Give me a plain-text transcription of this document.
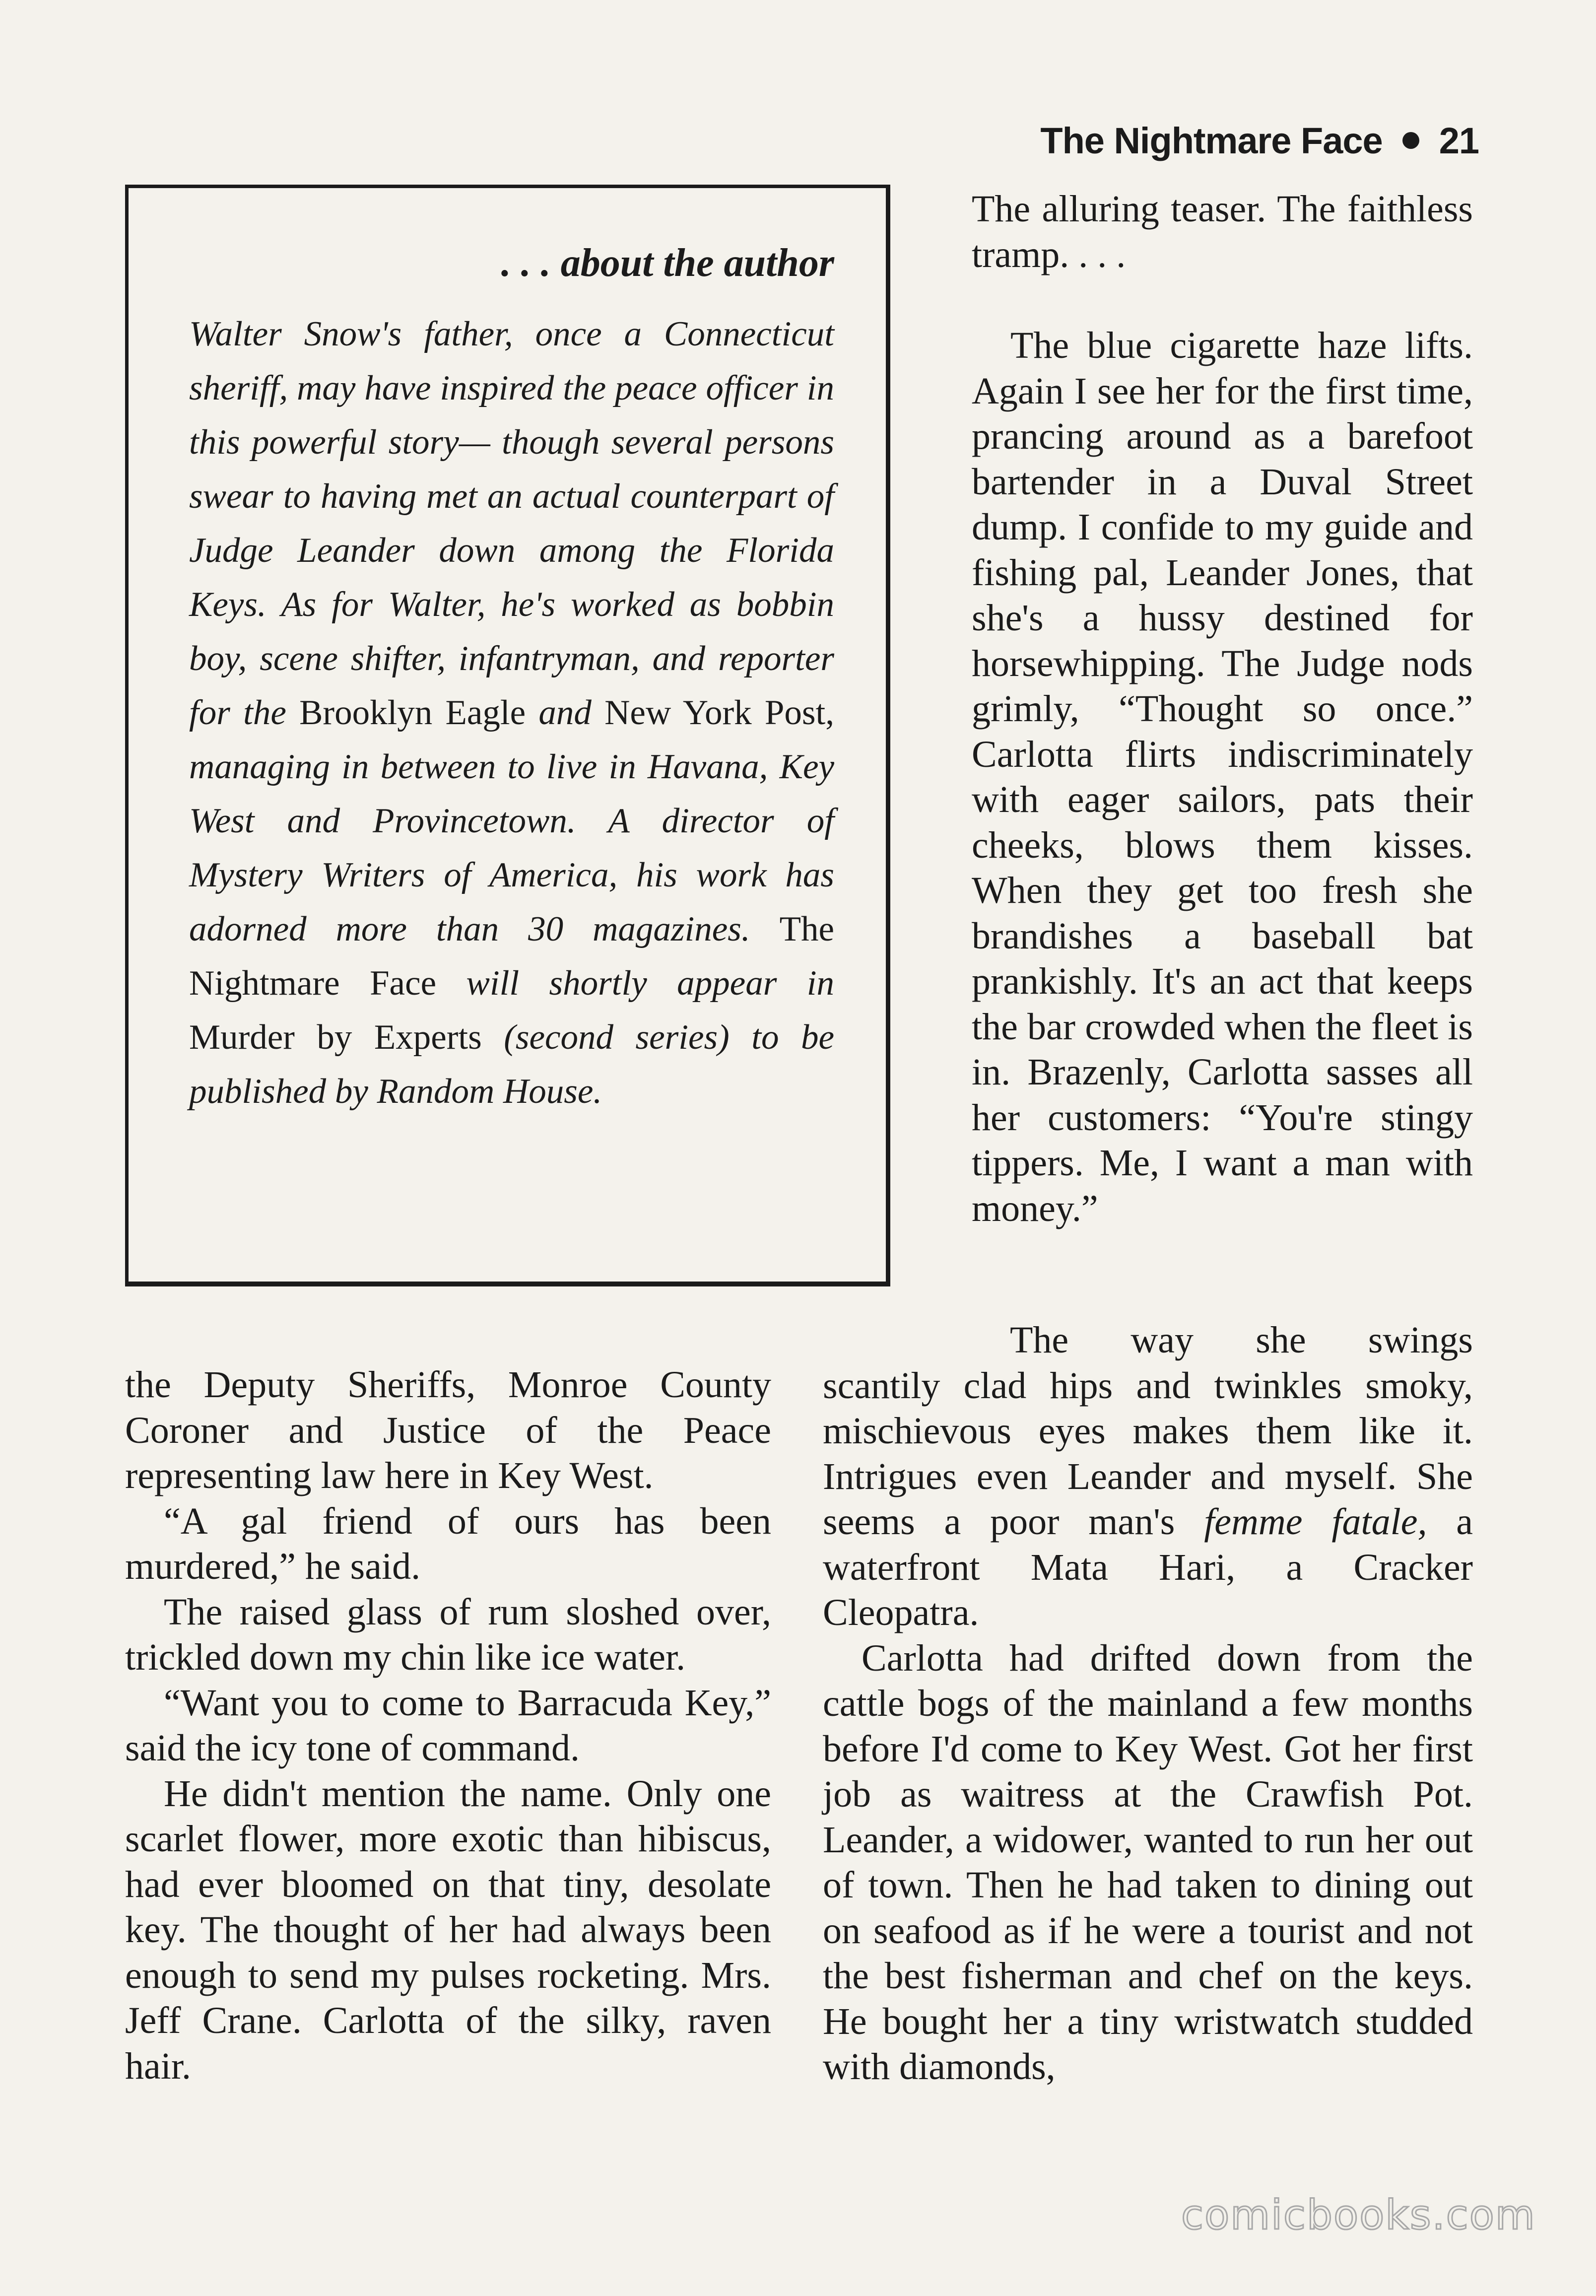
The Nightmare Face 21
. . . about the author

Walter Snow's father, once a Connecticut sheriff, may have inspired the peace officer in this powerful story— though several persons swear to having met an actual counterpart of Judge Leander down among the Florida Keys. As for Walter, he's worked as bobbin boy, scene shifter, infantryman, and reporter for the Brooklyn Eagle and New York Post, managing in between to live in Havana, Key West and Provincetown. A director of Mystery Writers of America, his work has adorned more than 30 magazines. The Nightmare Face will shortly appear in Murder by Experts (second series) to be published by Random House.

The alluring teaser. The faithless tramp. . . .

The blue cigarette haze lifts. Again I see her for the first time, prancing around as a barefoot bartender in a Duval Street dump. I confide to my guide and fishing pal, Leander Jones, that she's a hussy destined for horsewhipping. The Judge nods grimly, “Thought so once.” Carlotta flirts indiscriminately with eager sailors, pats their cheeks, blows them kisses. When they get too fresh she brandishes a baseball bat prankishly. It's an act that keeps the bar crowded when the fleet is in. Brazenly, Carlotta sasses all her customers: “You're stingy tippers. Me, I want a man with money.”

the Deputy Sheriffs, Monroe County Coroner and Justice of the Peace representing law here in Key West.

“A gal friend of ours has been murdered,” he said.

The raised glass of rum sloshed over, trickled down my chin like ice water.

“Want you to come to Barracuda Key,” said the icy tone of command.

He didn't mention the name. Only one scarlet flower, more exotic than hibiscus, had ever bloomed on that tiny, desolate key. The thought of her had always been enough to send my pulses rocketing. Mrs. Jeff Crane. Carlotta of the silky, raven hair.

The way she swings
scantily clad hips and twinkles smoky, mischievous eyes makes them like it. Intrigues even Leander and myself. She seems a poor man's femme fatale, a waterfront Mata Hari, a Cracker Cleopatra.

Carlotta had drifted down from the cattle bogs of the mainland a few months before I'd come to Key West. Got her first job as waitress at the Crawfish Pot. Leander, a widower, wanted to run her out of town. Then he had taken to dining out on seafood as if he were a tourist and not the best fisherman and chef on the keys. He bought her a tiny wristwatch studded with diamonds,

comicbooks.com
